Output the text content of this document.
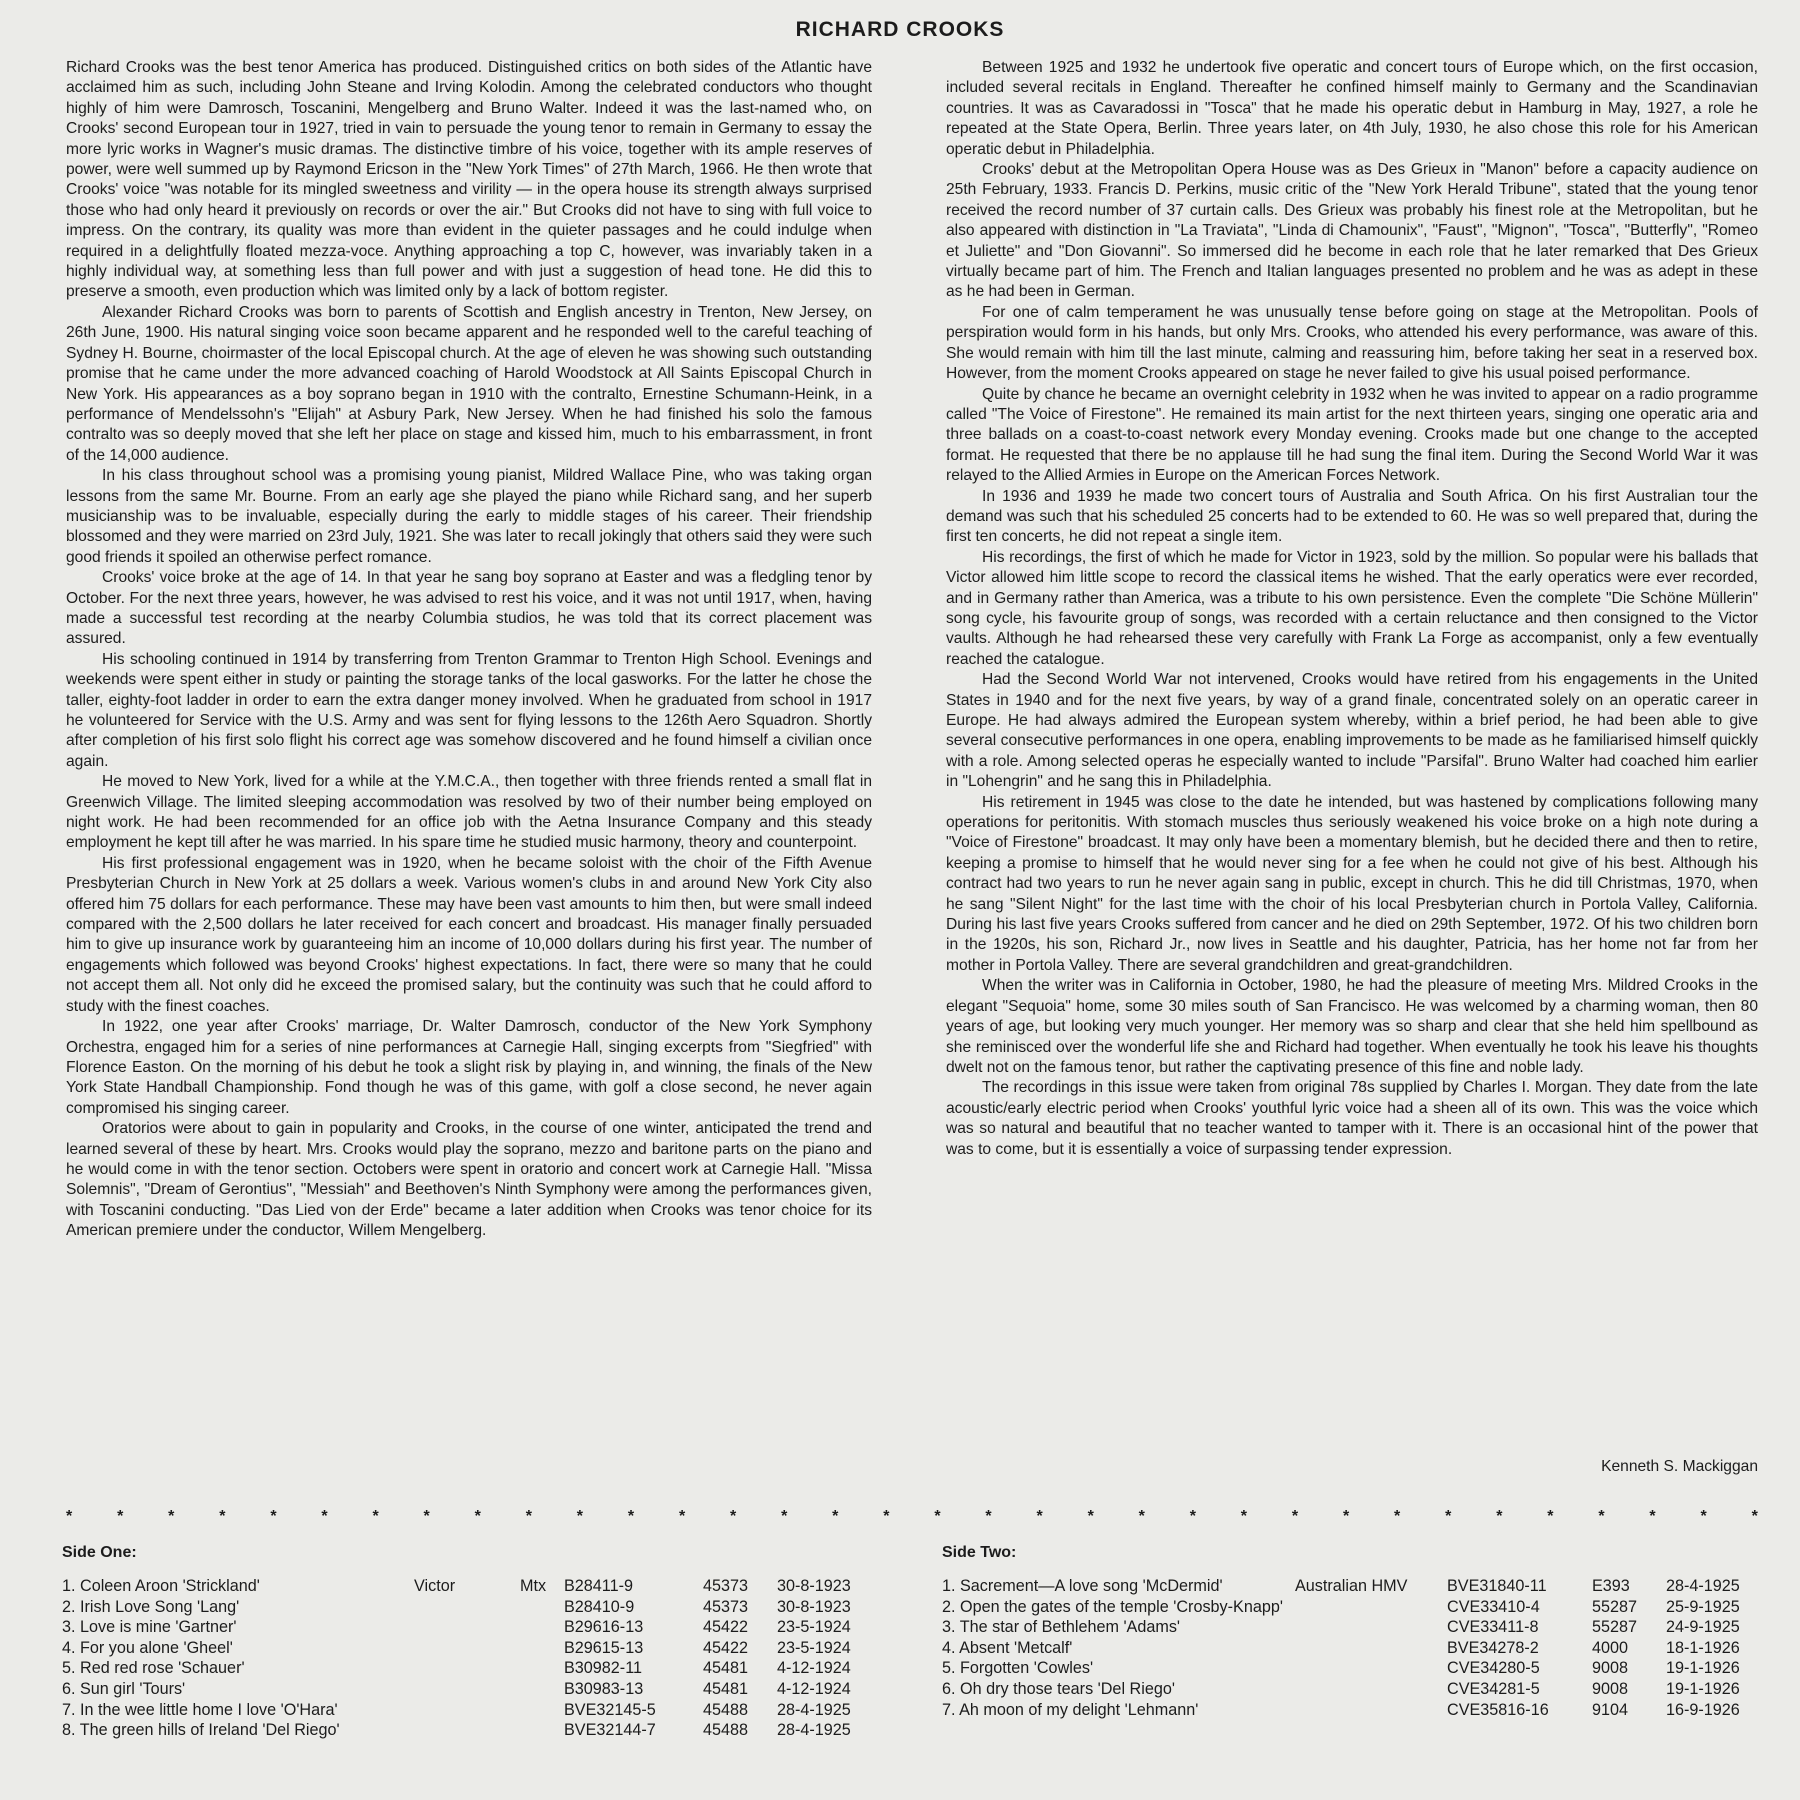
RICHARD CROOKS

Richard Crooks was the best tenor America has produced. Distinguished critics on both sides of the Atlantic have acclaimed him as such, including John Steane and Irving Kolodin. Among the celebrated conductors who thought highly of him were Damrosch, Toscanini, Mengelberg and Bruno Walter. Indeed it was the last-named who, on Crooks' second European tour in 1927, tried in vain to persuade the young tenor to remain in Germany to essay the more lyric works in Wagner's music dramas. The distinctive timbre of his voice, together with its ample reserves of power, were well summed up by Raymond Ericson in the "New York Times" of 27th March, 1966. He then wrote that Crooks' voice "was notable for its mingled sweetness and virility — in the opera house its strength always surprised those who had only heard it previously on records or over the air." But Crooks did not have to sing with full voice to impress. On the contrary, its quality was more than evident in the quieter passages and he could indulge when required in a delightfully floated mezza-voce. Anything approaching a top C, however, was invariably taken in a highly individual way, at something less than full power and with just a suggestion of head tone. He did this to preserve a smooth, even production which was limited only by a lack of bottom register.

Alexander Richard Crooks was born to parents of Scottish and English ancestry in Trenton, New Jersey, on 26th June, 1900. His natural singing voice soon became apparent and he responded well to the careful teaching of Sydney H. Bourne, choirmaster of the local Episcopal church. At the age of eleven he was showing such outstanding promise that he came under the more advanced coaching of Harold Woodstock at All Saints Episcopal Church in New York. His appearances as a boy soprano began in 1910 with the contralto, Ernestine Schumann-Heink, in a performance of Mendelssohn's "Elijah" at Asbury Park, New Jersey. When he had finished his solo the famous contralto was so deeply moved that she left her place on stage and kissed him, much to his embarrassment, in front of the 14,000 audience.

In his class throughout school was a promising young pianist, Mildred Wallace Pine, who was taking organ lessons from the same Mr. Bourne. From an early age she played the piano while Richard sang, and her superb musicianship was to be invaluable, especially during the early to middle stages of his career. Their friendship blossomed and they were married on 23rd July, 1921. She was later to recall jokingly that others said they were such good friends it spoiled an otherwise perfect romance.

Crooks' voice broke at the age of 14. In that year he sang boy soprano at Easter and was a fledgling tenor by October. For the next three years, however, he was advised to rest his voice, and it was not until 1917, when, having made a successful test recording at the nearby Columbia studios, he was told that its correct placement was assured.

His schooling continued in 1914 by transferring from Trenton Grammar to Trenton High School. Evenings and weekends were spent either in study or painting the storage tanks of the local gasworks. For the latter he chose the taller, eighty-foot ladder in order to earn the extra danger money involved. When he graduated from school in 1917 he volunteered for Service with the U.S. Army and was sent for flying lessons to the 126th Aero Squadron. Shortly after completion of his first solo flight his correct age was somehow discovered and he found himself a civilian once again.

He moved to New York, lived for a while at the Y.M.C.A., then together with three friends rented a small flat in Greenwich Village. The limited sleeping accommodation was resolved by two of their number being employed on night work. He had been recommended for an office job with the Aetna Insurance Company and this steady employment he kept till after he was married. In his spare time he studied music harmony, theory and counterpoint.

His first professional engagement was in 1920, when he became soloist with the choir of the Fifth Avenue Presbyterian Church in New York at 25 dollars a week. Various women's clubs in and around New York City also offered him 75 dollars for each performance. These may have been vast amounts to him then, but were small indeed compared with the 2,500 dollars he later received for each concert and broadcast. His manager finally persuaded him to give up insurance work by guaranteeing him an income of 10,000 dollars during his first year. The number of engagements which followed was beyond Crooks' highest expectations. In fact, there were so many that he could not accept them all. Not only did he exceed the promised salary, but the continuity was such that he could afford to study with the finest coaches.

In 1922, one year after Crooks' marriage, Dr. Walter Damrosch, conductor of the New York Symphony Orchestra, engaged him for a series of nine performances at Carnegie Hall, singing excerpts from "Siegfried" with Florence Easton. On the morning of his debut he took a slight risk by playing in, and winning, the finals of the New York State Handball Championship. Fond though he was of this game, with golf a close second, he never again compromised his singing career.

Oratorios were about to gain in popularity and Crooks, in the course of one winter, anticipated the trend and learned several of these by heart. Mrs. Crooks would play the soprano, mezzo and baritone parts on the piano and he would come in with the tenor section. Octobers were spent in oratorio and concert work at Carnegie Hall. "Missa Solemnis", "Dream of Gerontius", "Messiah" and Beethoven's Ninth Symphony were among the performances given, with Toscanini conducting. "Das Lied von der Erde" became a later addition when Crooks was tenor choice for its American premiere under the conductor, Willem Mengelberg.

Between 1925 and 1932 he undertook five operatic and concert tours of Europe which, on the first occasion, included several recitals in England. Thereafter he confined himself mainly to Germany and the Scandinavian countries. It was as Cavaradossi in "Tosca" that he made his operatic debut in Hamburg in May, 1927, a role he repeated at the State Opera, Berlin. Three years later, on 4th July, 1930, he also chose this role for his American operatic debut in Philadelphia.

Crooks' debut at the Metropolitan Opera House was as Des Grieux in "Manon" before a capacity audience on 25th February, 1933. Francis D. Perkins, music critic of the "New York Herald Tribune", stated that the young tenor received the record number of 37 curtain calls. Des Grieux was probably his finest role at the Metropolitan, but he also appeared with distinction in "La Traviata", "Linda di Chamounix", "Faust", "Mignon", "Tosca", "Butterfly", "Romeo et Juliette" and "Don Giovanni". So immersed did he become in each role that he later remarked that Des Grieux virtually became part of him. The French and Italian languages presented no problem and he was as adept in these as he had been in German.

For one of calm temperament he was unusually tense before going on stage at the Metropolitan. Pools of perspiration would form in his hands, but only Mrs. Crooks, who attended his every performance, was aware of this. She would remain with him till the last minute, calming and reassuring him, before taking her seat in a reserved box. However, from the moment Crooks appeared on stage he never failed to give his usual poised performance.

Quite by chance he became an overnight celebrity in 1932 when he was invited to appear on a radio programme called "The Voice of Firestone". He remained its main artist for the next thirteen years, singing one operatic aria and three ballads on a coast-to-coast network every Monday evening. Crooks made but one change to the accepted format. He requested that there be no applause till he had sung the final item. During the Second World War it was relayed to the Allied Armies in Europe on the American Forces Network.

In 1936 and 1939 he made two concert tours of Australia and South Africa. On his first Australian tour the demand was such that his scheduled 25 concerts had to be extended to 60. He was so well prepared that, during the first ten concerts, he did not repeat a single item.

His recordings, the first of which he made for Victor in 1923, sold by the million. So popular were his ballads that Victor allowed him little scope to record the classical items he wished. That the early operatics were ever recorded, and in Germany rather than America, was a tribute to his own persistence. Even the complete "Die Schöne Müllerin" song cycle, his favourite group of songs, was recorded with a certain reluctance and then consigned to the Victor vaults. Although he had rehearsed these very carefully with Frank La Forge as accompanist, only a few eventually reached the catalogue.

Had the Second World War not intervened, Crooks would have retired from his engagements in the United States in 1940 and for the next five years, by way of a grand finale, concentrated solely on an operatic career in Europe. He had always admired the European system whereby, within a brief period, he had been able to give several consecutive performances in one opera, enabling improvements to be made as he familiarised himself quickly with a role. Among selected operas he especially wanted to include "Parsifal". Bruno Walter had coached him earlier in "Lohengrin" and he sang this in Philadelphia.

His retirement in 1945 was close to the date he intended, but was hastened by complications following many operations for peritonitis. With stomach muscles thus seriously weakened his voice broke on a high note during a "Voice of Firestone" broadcast. It may only have been a momentary blemish, but he decided there and then to retire, keeping a promise to himself that he would never sing for a fee when he could not give of his best. Although his contract had two years to run he never again sang in public, except in church. This he did till Christmas, 1970, when he sang "Silent Night" for the last time with the choir of his local Presbyterian church in Portola Valley, California. During his last five years Crooks suffered from cancer and he died on 29th September, 1972. Of his two children born in the 1920s, his son, Richard Jr., now lives in Seattle and his daughter, Patricia, has her home not far from her mother in Portola Valley. There are several grandchildren and great-grandchildren.

When the writer was in California in October, 1980, he had the pleasure of meeting Mrs. Mildred Crooks in the elegant "Sequoia" home, some 30 miles south of San Francisco. He was welcomed by a charming woman, then 80 years of age, but looking very much younger. Her memory was so sharp and clear that she held him spellbound as she reminisced over the wonderful life she and Richard had together. When eventually he took his leave his thoughts dwelt not on the famous tenor, but rather the captivating presence of this fine and noble lady.

The recordings in this issue were taken from original 78s supplied by Charles I. Morgan. They date from the late acoustic/early electric period when Crooks' youthful lyric voice had a sheen all of its own. This was the voice which was so natural and beautiful that no teacher wanted to tamper with it. There is an occasional hint of the power that was to come, but it is essentially a voice of surpassing tender expression.

Kenneth S. Mackiggan
*	*	*	*	*	*	*	*	*	*	*	*	*	*	*	*	*	*	*	*	*	*	*	*	*	*	*	*	*	*	*	*	*	*
Side One:	Side Two:
1. Coleen Aroon 'Strickland'	Victor	Mtx B28411-9	45373 30-8-1923
2. Irish Love Song 'Lang'	B28410-9	45373 30-8-1923
3. Love is mine 'Gartner'	B29616-13	45422 23-5-1924
4. For you alone 'Gheel'	B29615-13	45422 23-5-1924
5. Red red rose 'Schauer'	B30982-11	45481 4-12-1924
6. Sun girl 'Tours'	B30983-13	45481 4-12-1924
7. In the wee little home I love 'O'Hara'	BVE32145-5	45488 28-4-1925
8. The green hills of Ireland 'Del Riego'	BVE32144-7	45488 28-4-1925
1. Sacrement—A love song 'McDermid'	Australian HMV BVE31840-11	E393 28-4-1925
2. Open the gates of the temple 'Crosby-Knapp'	CVE33410-4	55287 25-9-1925
3. The star of Bethlehem 'Adams'	CVE33411-8	55287 24-9-1925
4. Absent 'Metcalf'	BVE34278-2	4000 18-1-1926
5. Forgotten 'Cowles'	CVE34280-5	9008 19-1-1926
6. Oh dry those tears 'Del Riego'	CVE34281-5	9008 19-1-1926
7. Ah moon of my delight 'Lehmann'	CVE35816-16	9104 16-9-1926
